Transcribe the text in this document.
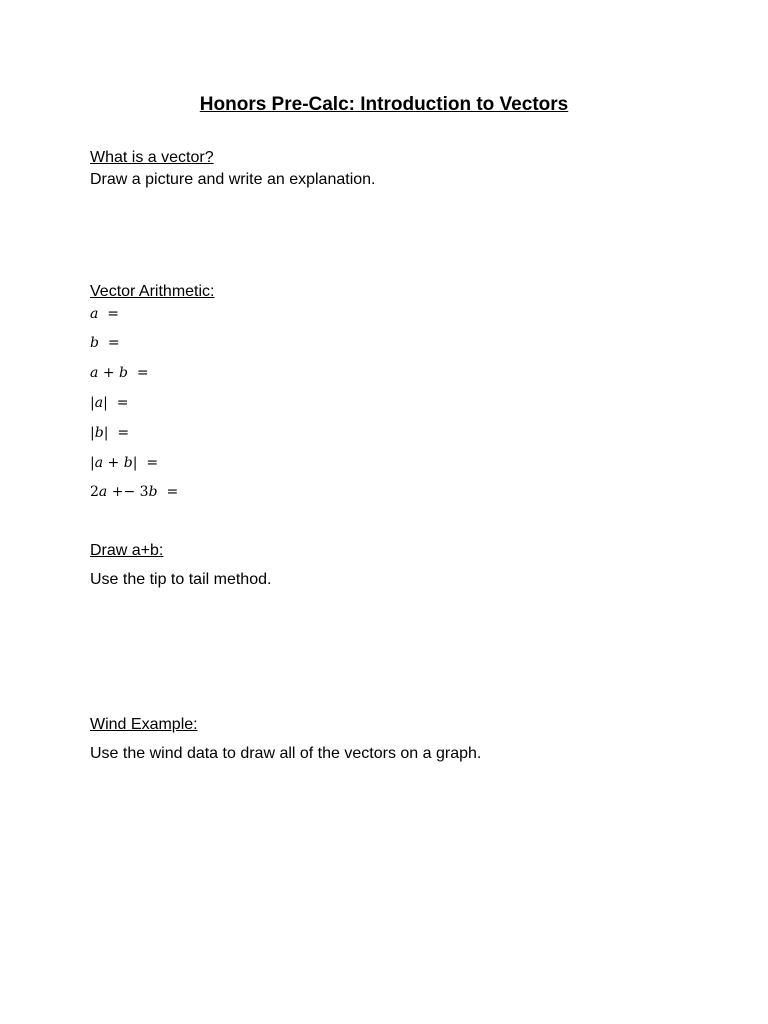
Honors Pre-Calc: Introduction to Vectors
What is a vector?
Draw a picture and write an explanation.
Vector Arithmetic:
a =
b =
a + b =
|a| =
|b| =
|a + b| =
2a +− 3b =
Draw a+b:
Use the tip to tail method.
Wind Example:
Use the wind data to draw all of the vectors on a graph.
